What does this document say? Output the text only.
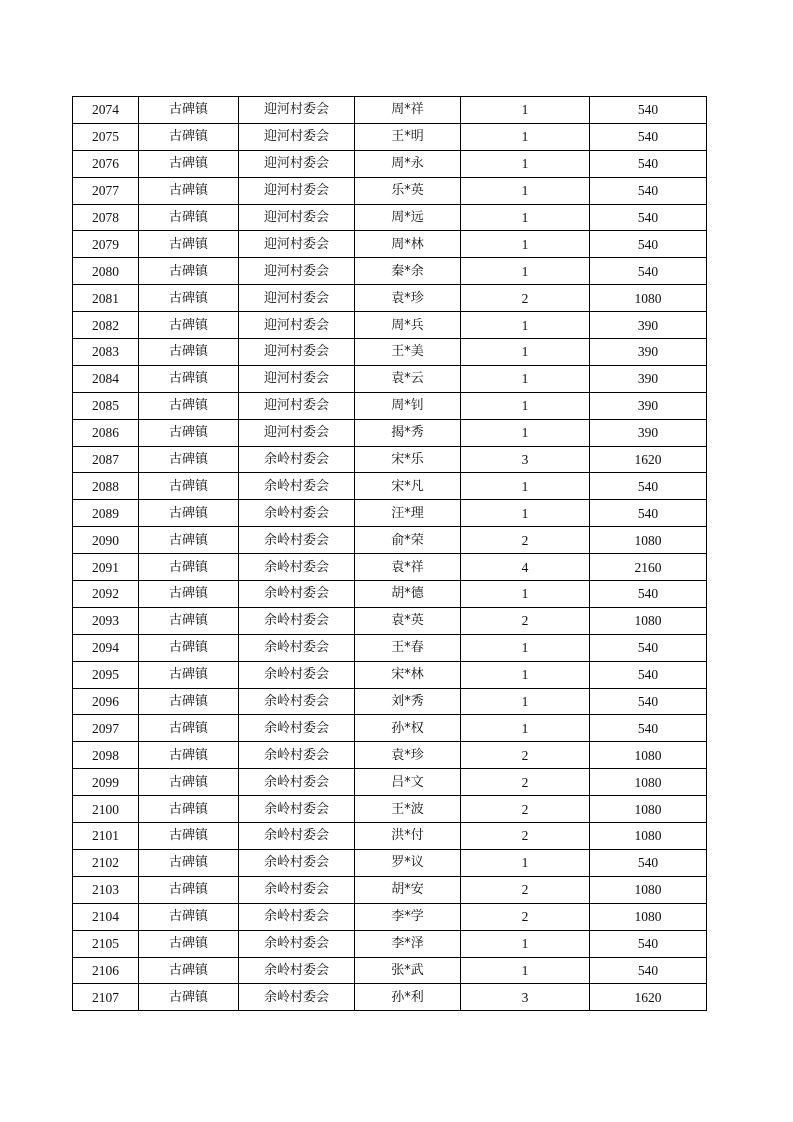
2074	古碑镇	迎河村委会	周*祥	1	540
2075	古碑镇	迎河村委会	王*明	1	540
2076	古碑镇	迎河村委会	周*永	1	540
2077	古碑镇	迎河村委会	乐*英	1	540
2078	古碑镇	迎河村委会	周*远	1	540
2079	古碑镇	迎河村委会	周*林	1	540
2080	古碑镇	迎河村委会	秦*余	1	540
2081	古碑镇	迎河村委会	袁*珍	2	1080
2082	古碑镇	迎河村委会	周*兵	1	390
2083	古碑镇	迎河村委会	王*美	1	390
2084	古碑镇	迎河村委会	袁*云	1	390
2085	古碑镇	迎河村委会	周*钊	1	390
2086	古碑镇	迎河村委会	揭*秀	1	390
2087	古碑镇	余岭村委会	宋*乐	3	1620
2088	古碑镇	余岭村委会	宋*凡	1	540
2089	古碑镇	余岭村委会	汪*理	1	540
2090	古碑镇	余岭村委会	俞*荣	2	1080
2091	古碑镇	余岭村委会	袁*祥	4	2160
2092	古碑镇	余岭村委会	胡*德	1	540
2093	古碑镇	余岭村委会	袁*英	2	1080
2094	古碑镇	余岭村委会	王*春	1	540
2095	古碑镇	余岭村委会	宋*林	1	540
2096	古碑镇	余岭村委会	刘*秀	1	540
2097	古碑镇	余岭村委会	孙*权	1	540
2098	古碑镇	余岭村委会	袁*珍	2	1080
2099	古碑镇	余岭村委会	吕*文	2	1080
2100	古碑镇	余岭村委会	王*波	2	1080
2101	古碑镇	余岭村委会	洪*付	2	1080
2102	古碑镇	余岭村委会	罗*议	1	540
2103	古碑镇	余岭村委会	胡*安	2	1080
2104	古碑镇	余岭村委会	李*学	2	1080
2105	古碑镇	余岭村委会	李*泽	1	540
2106	古碑镇	余岭村委会	张*武	1	540
2107	古碑镇	余岭村委会	孙*利	3	1620
